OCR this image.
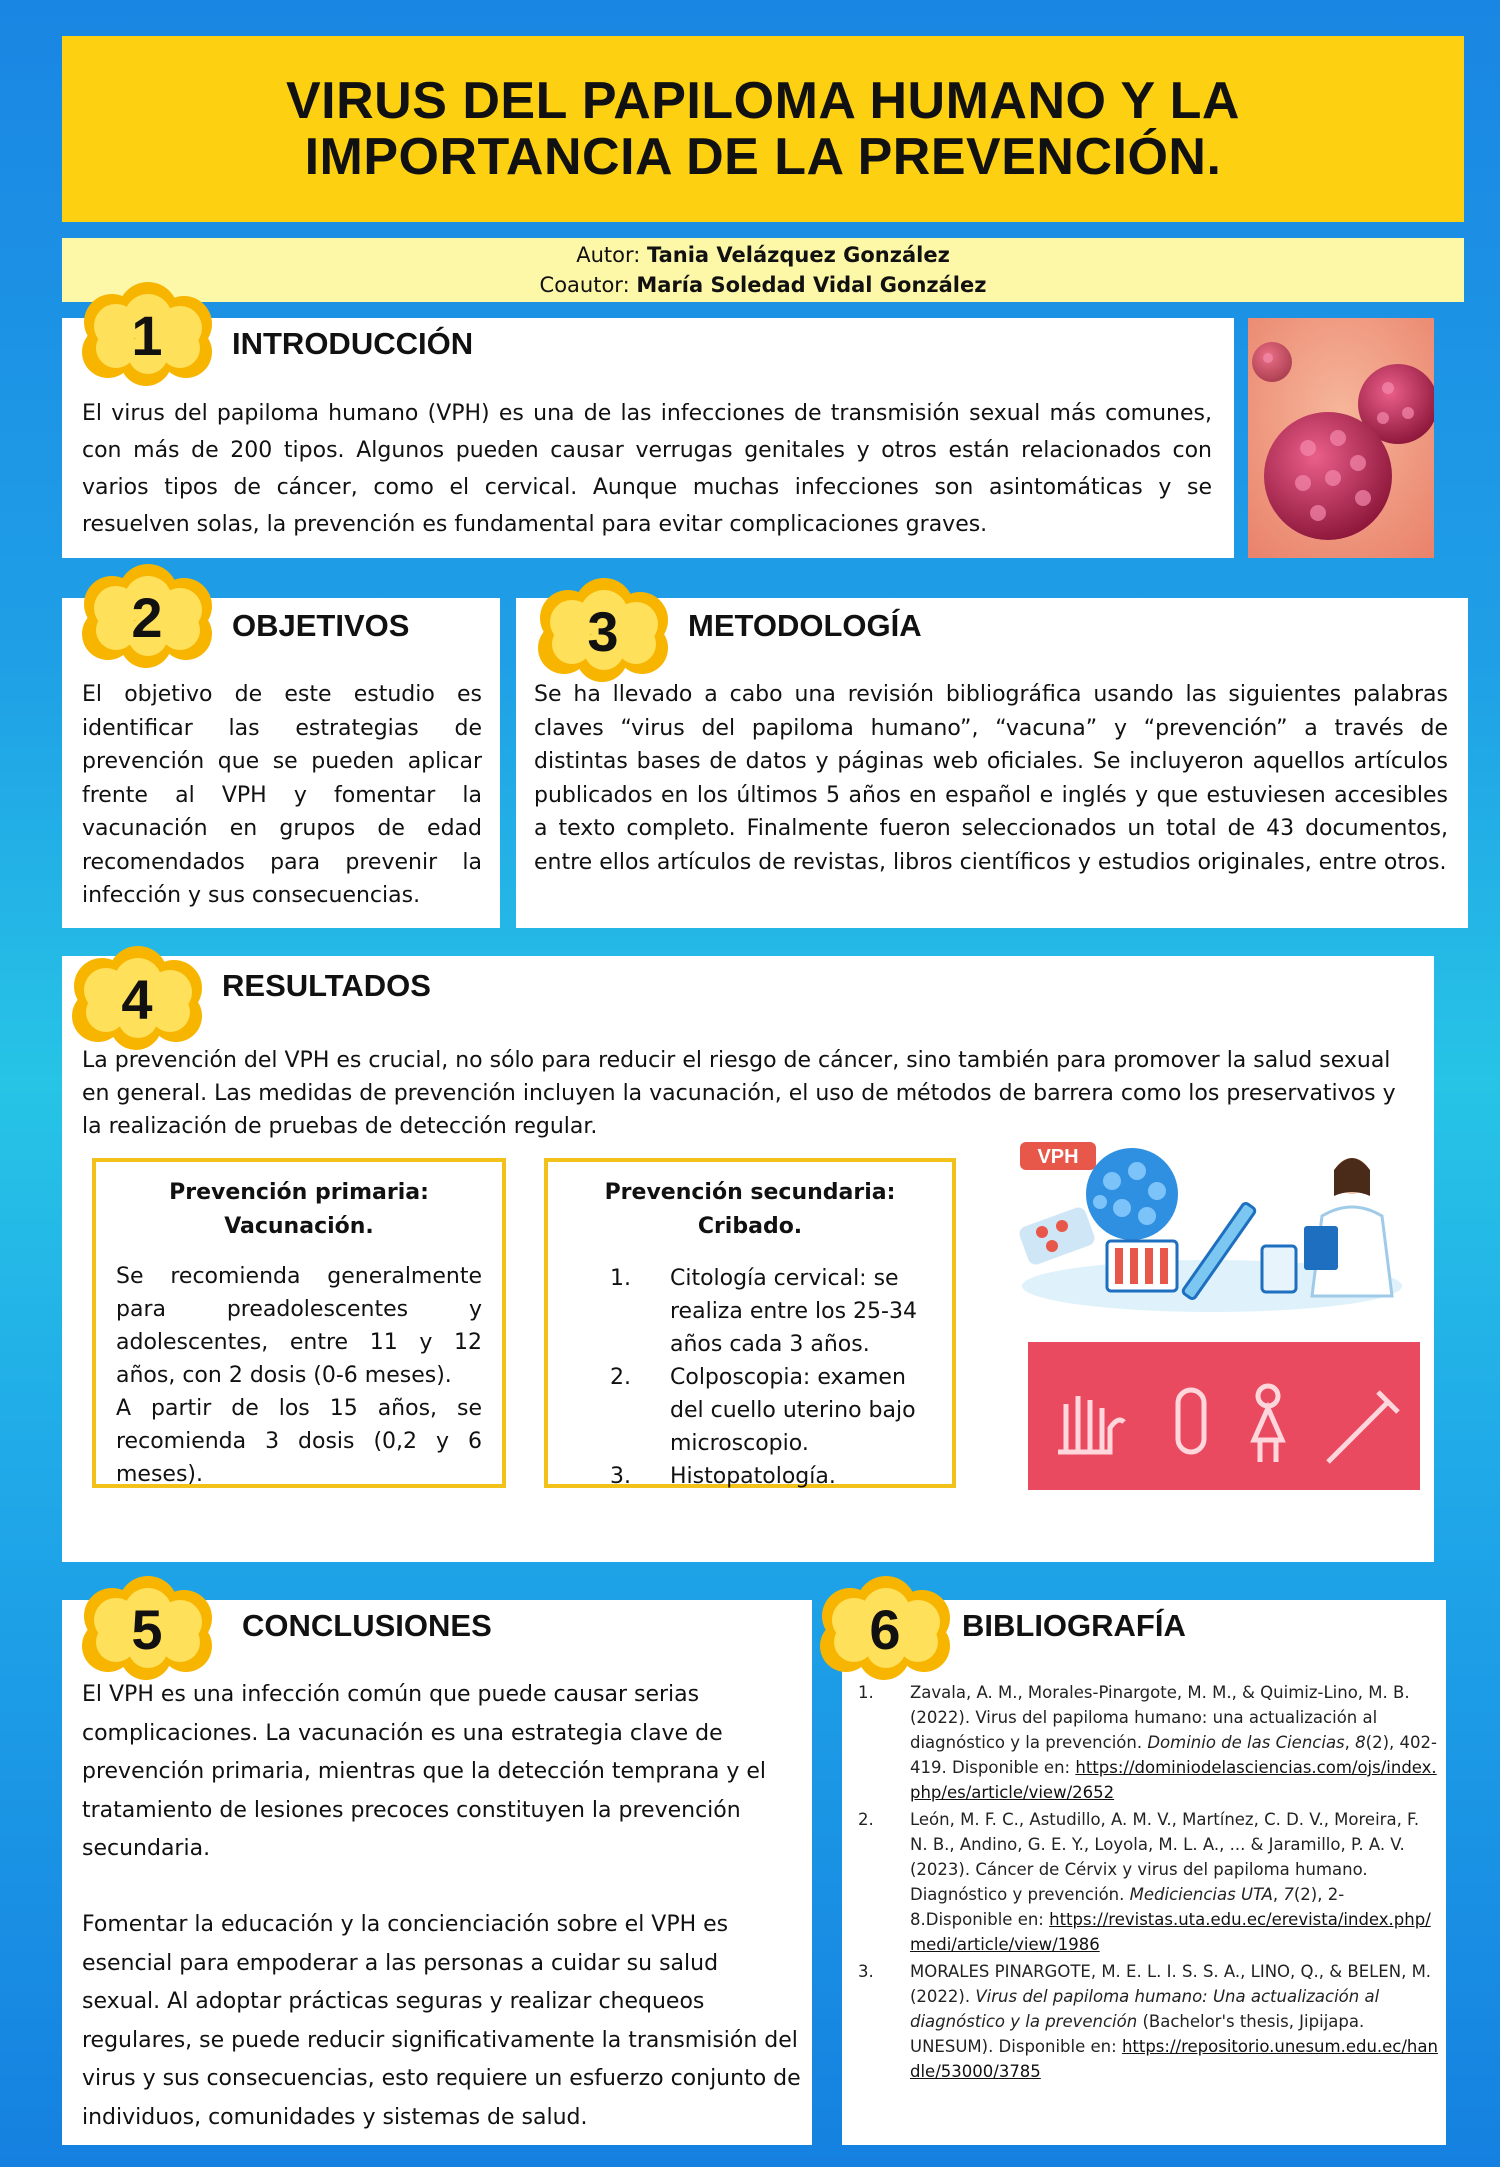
VIRUS DEL PAPILOMA HUMANO Y LA
IMPORTANCIA DE LA PREVENCIÓN.
Autor: Tania Velázquez González
Coautor: María Soledad Vidal González
1	INTRODUCCIÓN

El virus del papiloma humano (VPH) es una de las infecciones de transmisión sexual más comunes, con más de 200 tipos. Algunos pueden causar verrugas genitales y otros están relacionados con varios tipos de cáncer, como el cervical. Aunque muchas infecciones son asintomáticas y se resuelven solas, la prevención es fundamental para evitar complicaciones graves.

2	OBJETIVOS

El objetivo de este estudio es identificar las estrategias de prevención que se pueden aplicar frente al VPH y fomentar la vacunación en grupos de edad recomendados para prevenir la infección y sus consecuencias.

3	METODOLOGÍA

Se ha llevado a cabo una revisión bibliográfica usando las siguientes palabras claves “virus del papiloma humano”, “vacuna” y “prevención” a través de distintas bases de datos y páginas web oficiales. Se incluyeron aquellos artículos publicados en los últimos 5 años en español e inglés y que estuviesen accesibles a texto completo. Finalmente fueron seleccionados un total de 43 documentos, entre ellos artículos de revistas, libros científicos y estudios originales, entre otros.

4	RESULTADOS

La prevención del VPH es crucial, no sólo para reducir el riesgo de cáncer, sino también para promover la salud sexual en general. Las medidas de prevención incluyen la vacunación, el uso de métodos de barrera como los preservativos y la realización de pruebas de detección regular.

Prevención primaria:
Vacunación.

Se recomienda generalmente para preadolescentes y adolescentes, entre 11 y 12 años, con 2 dosis (0-6 meses).

A partir de los 15 años, se recomienda 3 dosis (0,2 y 6 meses).

Prevención secundaria: Cribado.
1. Citología cervical: se realiza entre los 25-34 años cada 3 años.
2. Colposcopia: examen del cuello uterino bajo microscopio.
3. Histopatología.
VPH
5	CONCLUSIONES

El VPH es una infección común que puede causar serias complicaciones. La vacunación es una estrategia clave de prevención primaria, mientras que la detección temprana y el tratamiento de lesiones precoces constituyen la prevención secundaria.

Fomentar la educación y la concienciación sobre el VPH es esencial para empoderar a las personas a cuidar su salud sexual. Al adoptar prácticas seguras y realizar chequeos regulares, se puede reducir significativamente la transmisión del virus y sus consecuencias, esto requiere un esfuerzo conjunto de individuos, comunidades y sistemas de salud.

6	BIBLIOGRAFÍA
1. Zavala, A. M., Morales-Pinargote, M. M., & Quimiz-Lino, M. B. (2022). Virus del papiloma humano: una actualización al diagnóstico y la prevención. Dominio de las Ciencias, 8(2), 402-419. Disponible en: https://dominiodelasciencias.com/ojs/index.php/es/article/view/2652
2. León, M. F. C., Astudillo, A. M. V., Martínez, C. D. V., Moreira, F. N. B., Andino, G. E. Y., Loyola, M. L. A., ... & Jaramillo, P. A. V. (2023). Cáncer de Cérvix y virus del papiloma humano. Diagnóstico y prevención. Mediciencias UTA, 7(2), 2-8.Disponible en: https://revistas.uta.edu.ec/erevista/index.php/medi/article/view/1986
3. MORALES PINARGOTE, M. E. L. I. S. S. A., LINO, Q., & BELEN, M. (2022). Virus del papiloma humano: Una actualización al diagnóstico y la prevención (Bachelor's thesis, Jipijapa. UNESUM). Disponible en: https://repositorio.unesum.edu.ec/handle/53000/3785
